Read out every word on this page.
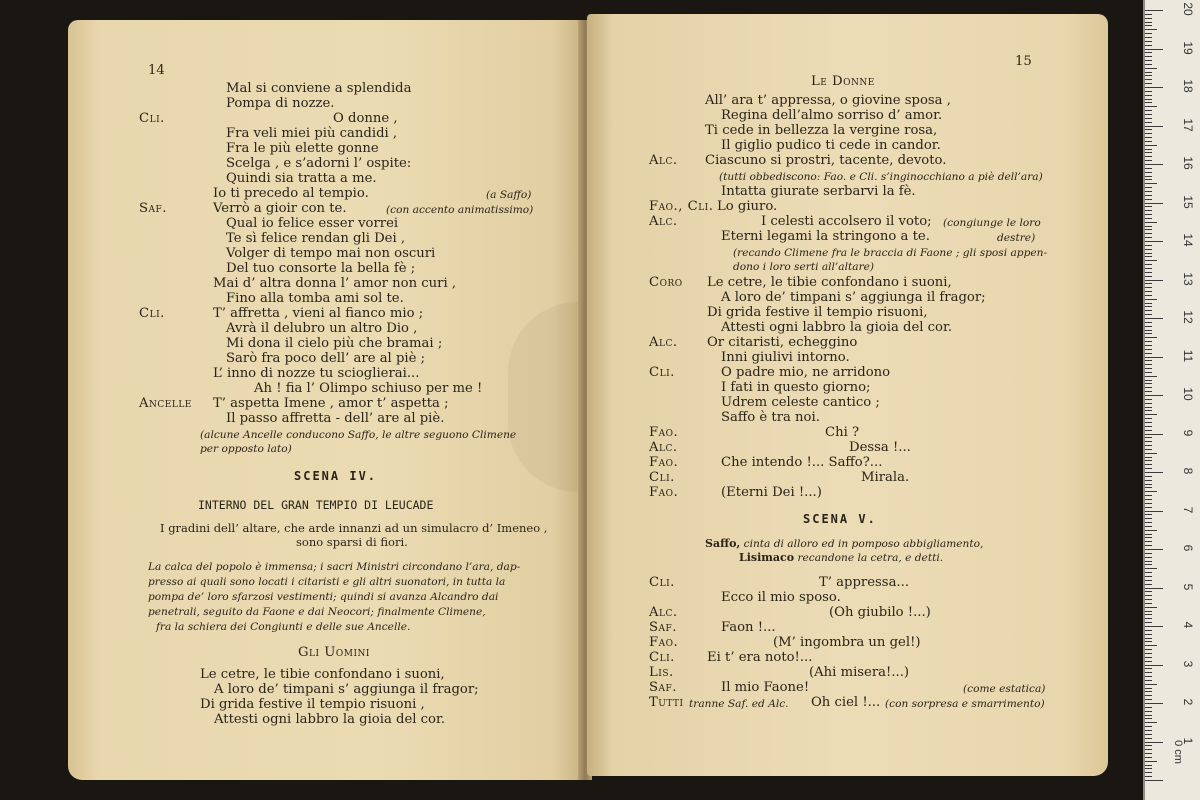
14
Mal si conviene a splendida
Pompa di nozze.
Cli.	O donne ,
Fra veli miei più candidi ,
Fra le più elette gonne
Scelga , e s’adorni l’ ospite:
Quindi sia tratta a me.
Io ti precedo al tempio.	(a Saffo)
Saf.	Verrò a gioir con te.	(con accento animatissimo)
Qual io felice esser vorrei
Te sì felice rendan gli Dei ,
Volger di tempo mai non oscuri
Del tuo consorte la bella fè ;
Mai d’ altra donna l’ amor non curi ,
Fino alla tomba ami sol te.
Cli.	T’ affretta , vieni al fianco mio ;
Avrà il delubro un altro Dio ,
Mi dona il cielo più che bramai ;
Sarò fra poco dell’ are al piè ;
L’ inno di nozze tu scioglierai...
Ah ! fia l’ Olimpo schiuso per me !
Ancelle T’ aspetta Imene , amor t’ aspetta ;
Il passo affretta - dell’ are al piè.
(alcune Ancelle conducono Saffo, le altre seguono Climene
per opposto lato)
SCENA IV.
INTERNO DEL GRAN TEMPIO DI LEUCADE
I gradini dell’ altare, che arde innanzi ad un simulacro d’ Imeneo ,
sono sparsi di fiori.
La calca del popolo è immensa; i sacri Ministri circondano l’ara, dap-
presso ai quali sono locati i citaristi e gli altri suonatori, in tutta la
pompa de’ loro sfarzosi vestimenti; quindi si avanza Alcandro dai
penetrali, seguito da Faone e dai Neocori; finalmente Climene,
fra la schiera dei Congiunti e delle sue Ancelle.
Gli Uomini
Le cetre, le tibie confondano i suoni,
A loro de’ timpani s’ aggiunga il fragor;
Di grida festive il tempio risuoni ,
Attesti ogni labbro la gioia del cor.
15
Le Donne
All’ ara t’ appressa, o giovine sposa ,
Regina dell’almo sorriso d’ amor.
Ti cede in bellezza la vergine rosa,
Il giglio pudico ti cede in candor.
Alc. Ciascuno si prostri, tacente, devoto.
(tutti obbediscono: Fao. e Cli. s’inginocchiano a piè dell’ara)
Intatta giurate serbarvi la fè.
Fao., Cli. Lo giuro.
Alc.	I celesti accolsero il voto; (congiunge le loro
Eterni legami la stringono a te.	destre)
(recando Climene fra le braccia di Faone ; gli sposi appen-
dono i loro serti all’altare)
Coro Le cetre, le tibie confondano i suoni,
A loro de’ timpani s’ aggiunga il fragor;
Di grida festive il tempio risuoni,
Attesti ogni labbro la gioia del cor.
Alc. Or citaristi, echeggino
Inni giulivi intorno.
Cli.	O padre mio, ne arridono
I fati in questo giorno;
Udrem celeste cantico ;
Saffo è tra noi.
Fao.	Chi ?
Alc.	Dessa !...
Fao.	Che intendo !... Saffo?...
Cli.	Mirala.
Fao.	(Eterni Dei !...)
SCENA V.
Saffo, cinta di alloro ed in pomposo abbigliamento,
Lisimaco recandone la cetra, e detti.
Cli.	T’ appressa...
Ecco il mio sposo.
Alc.	(Oh giubilo !...)
Saf.	Faon !...
Fao.	(M’ ingombra un gel!)
Cli. Ei t’ era noto!...
Lis.	(Ahi misera!...)
Saf.	Il mio Faone!	(come estatica)
Tutti tranne Saf. ed Alc. Oh ciel !... (con sorpresa e smarrimento)
0 cm
1
2
3
4
5
6
7
8
9
10
11
12
13
14
15
16
17
18
19
20
